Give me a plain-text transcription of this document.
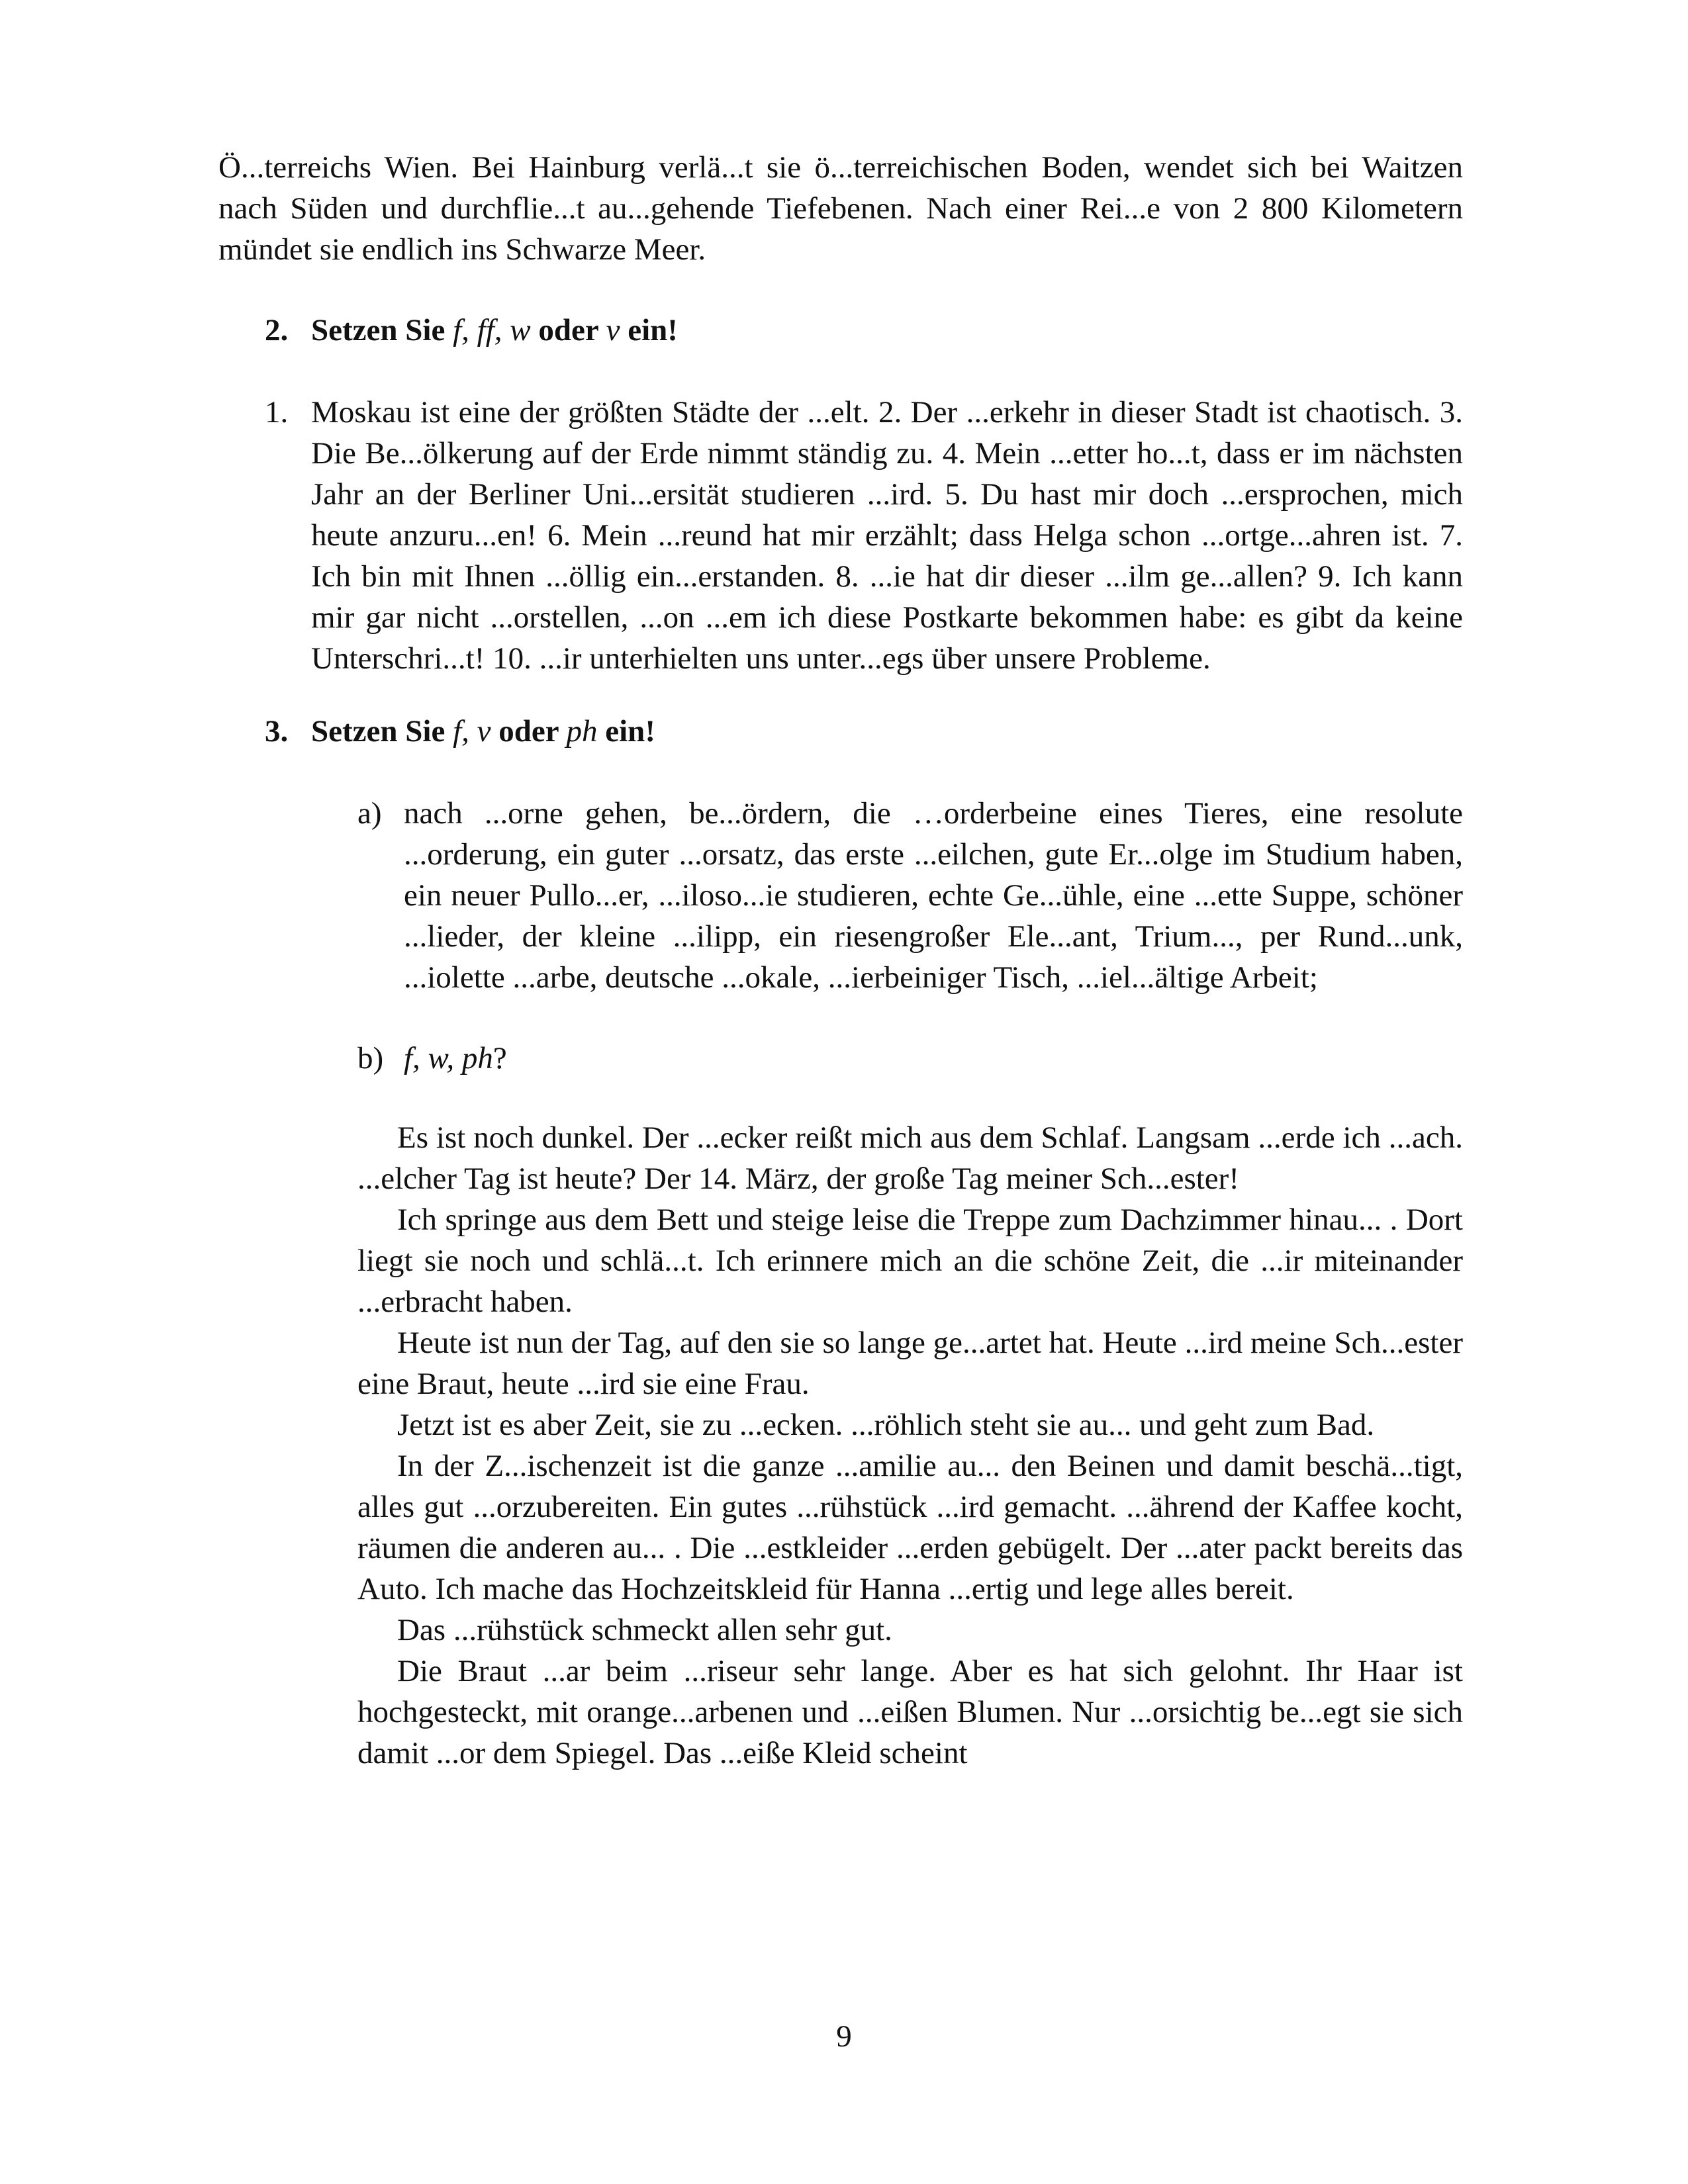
Ö...terreichs Wien. Bei Hainburg verlä...t sie ö...terreichischen Boden, wendet sich bei Waitzen nach Süden und durchflie...t au...gehende Tiefebenen. Nach einer Rei...e von 2 800 Kilometern mündet sie endlich ins Schwarze Meer.

2. Setzen Sie f, ff, w oder v ein!

1. Moskau ist eine der größten Städte der ...elt. 2. Der ...erkehr in dieser Stadt ist chaotisch. 3. Die Be...ölkerung auf der Erde nimmt ständig zu. 4. Mein ...etter ho...t, dass er im nächsten Jahr an der Berliner Uni...ersität studieren ...ird. 5. Du hast mir doch ...ersprochen, mich heute anzuru...en! 6. Mein ...reund hat mir erzählt; dass Helga schon ...ortge...ahren ist. 7. Ich bin mit Ihnen ...öllig ein...erstanden. 8. ...ie hat dir dieser ...ilm ge...allen? 9. Ich kann mir gar nicht ...orstellen, ...on ...em ich diese Postkarte bekommen habe: es gibt da keine Unterschri...t! 10. ...ir unterhielten uns unter...egs über unsere Probleme.

3. Setzen Sie f, v oder ph ein!

a) nach ...orne gehen, be...ördern, die …orderbeine eines Tieres, eine resolute ...orderung, ein guter ...orsatz, das erste ...eilchen, gute Er...olge im Studium haben, ein neuer Pullo...er, ...iloso...ie studieren, echte Ge...ühle, eine ...ette Suppe, schöner ...lieder, der kleine ...ilipp, ein riesengroßer Ele...ant, Trium..., per Rund...unk, ...iolette ...arbe, deutsche ...okale, ...ierbeiniger Tisch, ...iel...ältige Arbeit;
b) f, w, ph?

Es ist noch dunkel. Der ...ecker reißt mich aus dem Schlaf. Langsam ...erde ich ...ach. ...elcher Tag ist heute? Der 14. März, der große Tag meiner Sch...ester!

Ich springe aus dem Bett und steige leise die Treppe zum Dachzimmer hinau... . Dort liegt sie noch und schlä...t. Ich erinnere mich an die schöne Zeit, die ...ir miteinander ...erbracht haben.

Heute ist nun der Tag, auf den sie so lange ge...artet hat. Heute ...ird meine Sch...ester eine Braut, heute ...ird sie eine Frau.

Jetzt ist es aber Zeit, sie zu ...ecken. ...röhlich steht sie au... und geht zum Bad.

In der Z...ischenzeit ist die ganze ...amilie au... den Beinen und damit beschä...tigt, alles gut ...orzubereiten. Ein gutes ...rühstück ...ird gemacht. ...ährend der Kaffee kocht, räumen die anderen au... . Die ...estkleider ...erden gebügelt. Der ...ater packt bereits das Auto. Ich mache das Hochzeitskleid für Hanna ...ertig und lege alles bereit.

Das ...rühstück schmeckt allen sehr gut.

Die Braut ...ar beim ...riseur sehr lange. Aber es hat sich gelohnt. Ihr Haar ist hochgesteckt, mit orange...arbenen und ...eißen Blumen. Nur ...orsichtig be...egt sie sich damit ...or dem Spiegel. Das ...eiße Kleid scheint

9
